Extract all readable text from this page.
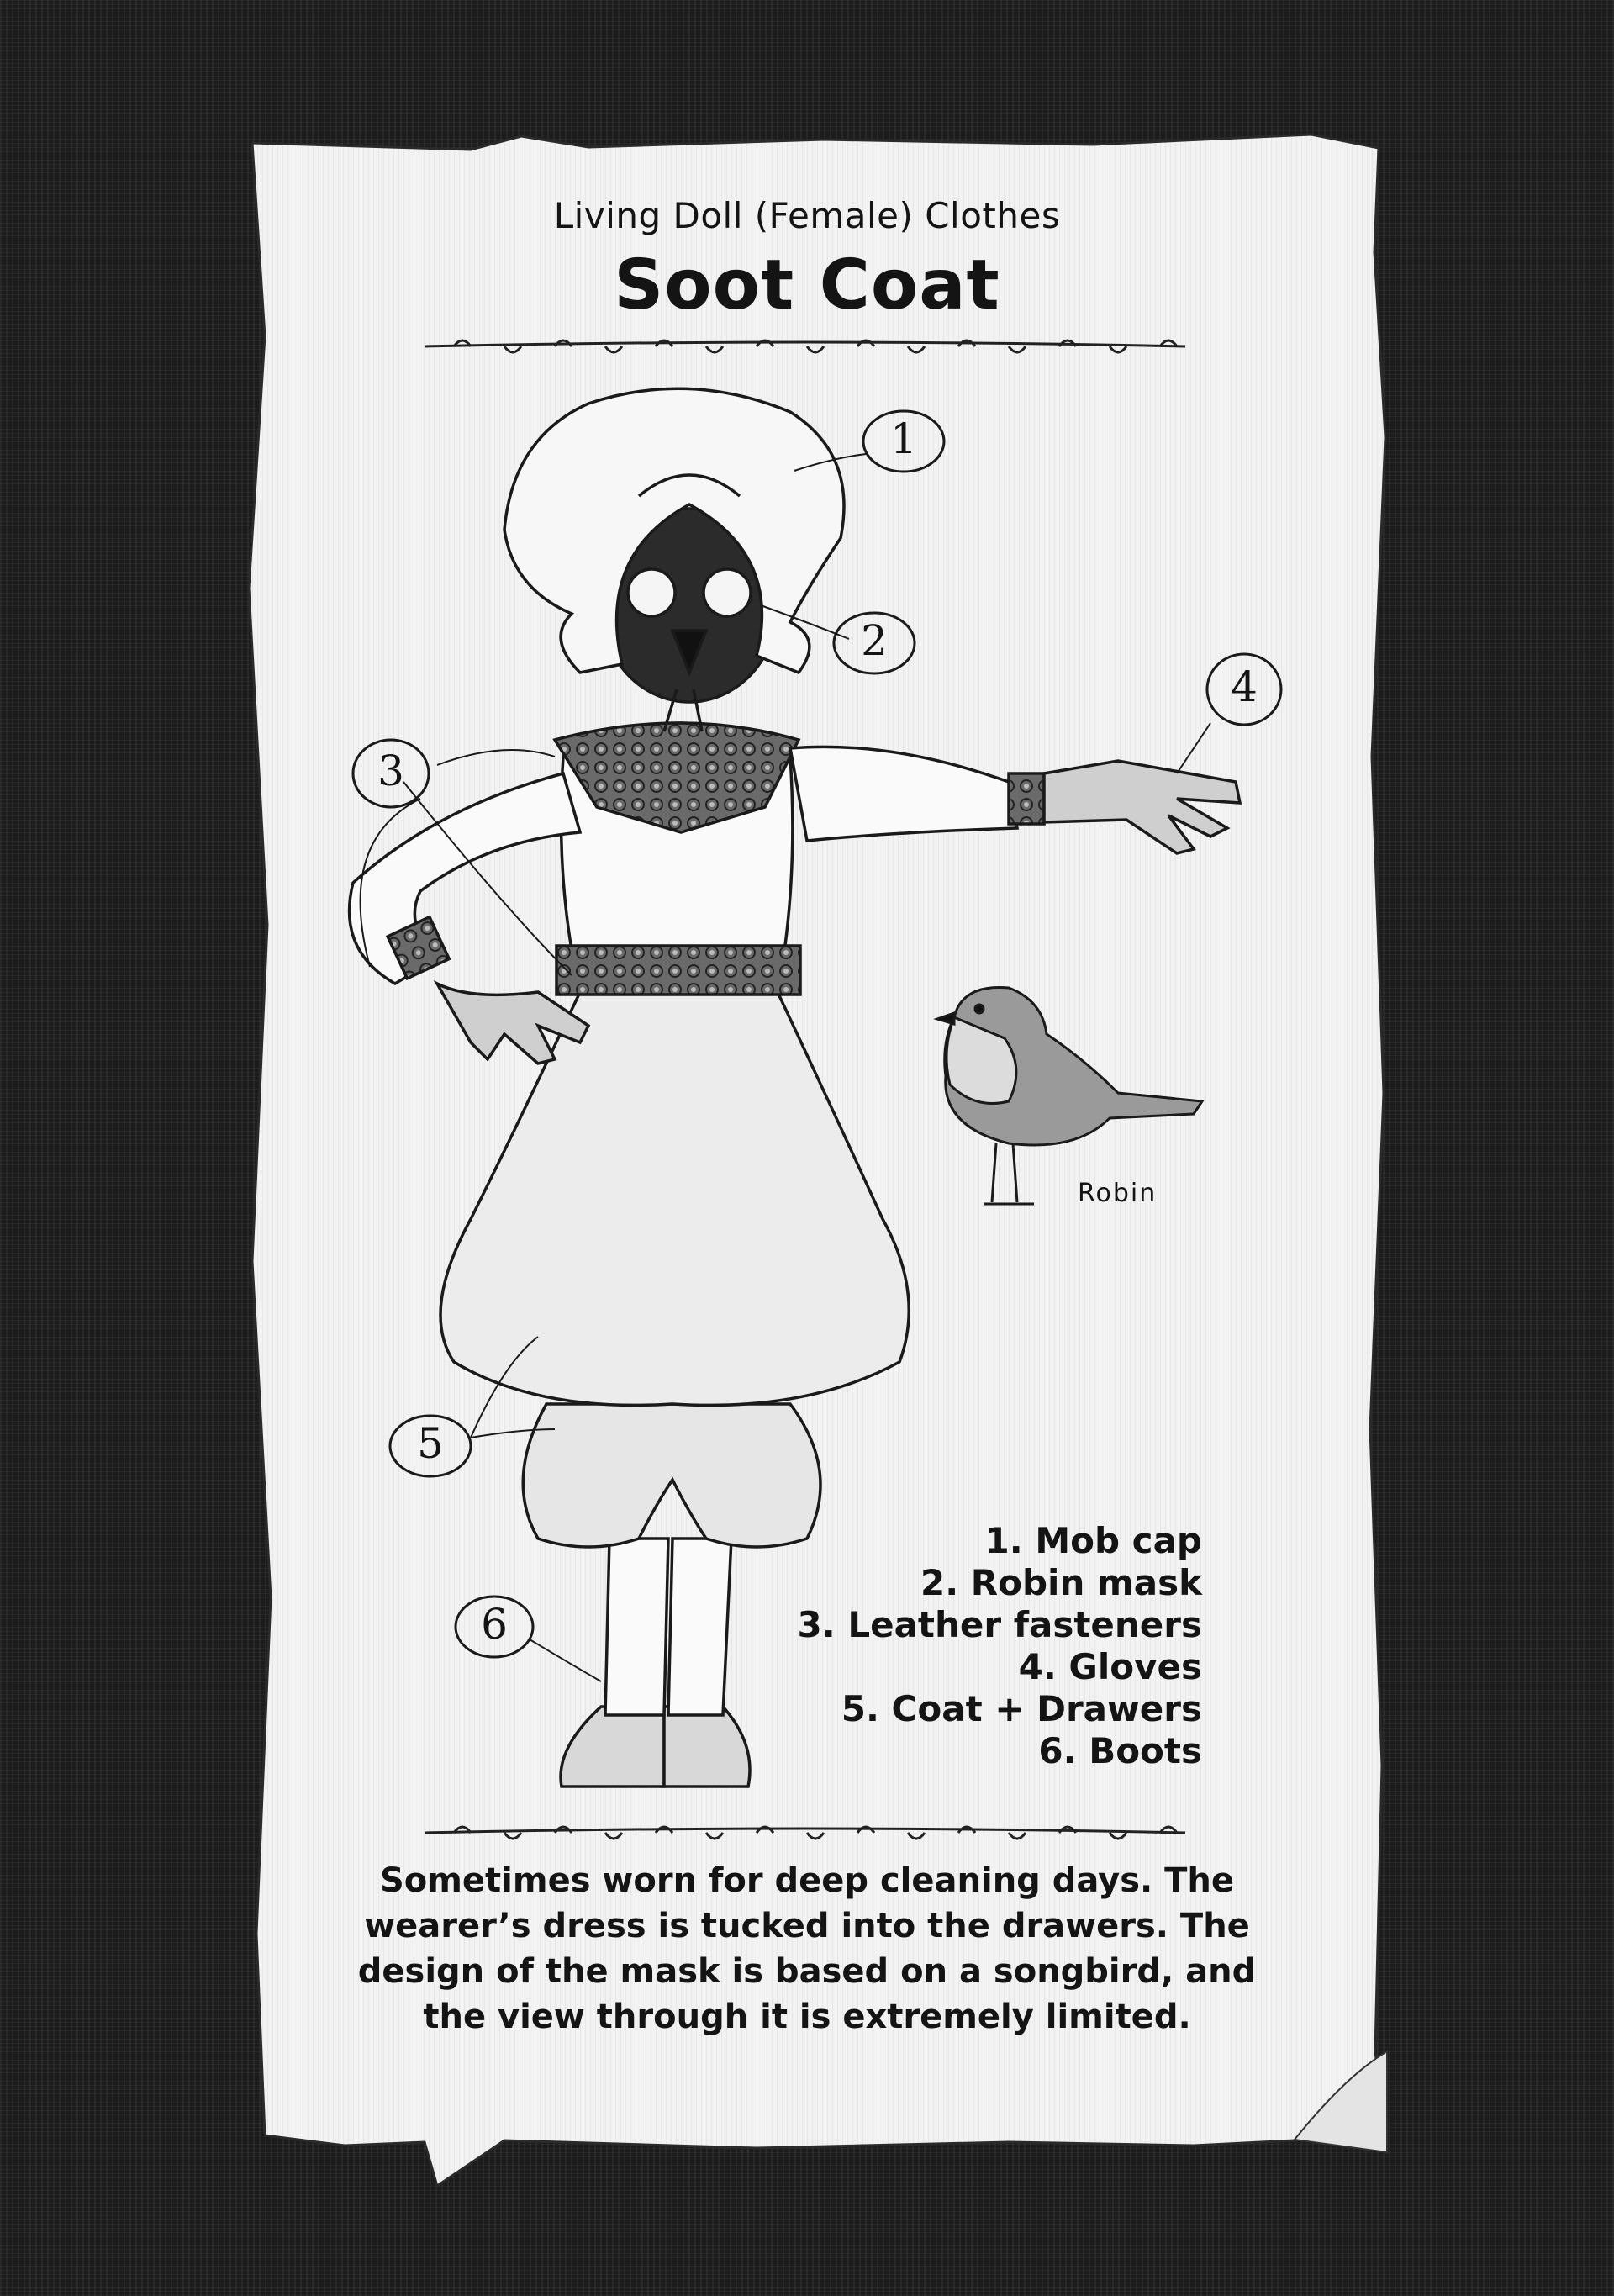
1
2
4
3
5
6
Robin
Living Doll (Female) Clothes
Soot Coat
1. Mob cap
2. Robin mask
3. Leather fasteners
4. Gloves
5. Coat + Drawers
6. Boots
Sometimes worn for deep cleaning days. The wearer’s dress is tucked into the drawers. The design of the mask is based on a songbird, and the view through it is extremely limited.
